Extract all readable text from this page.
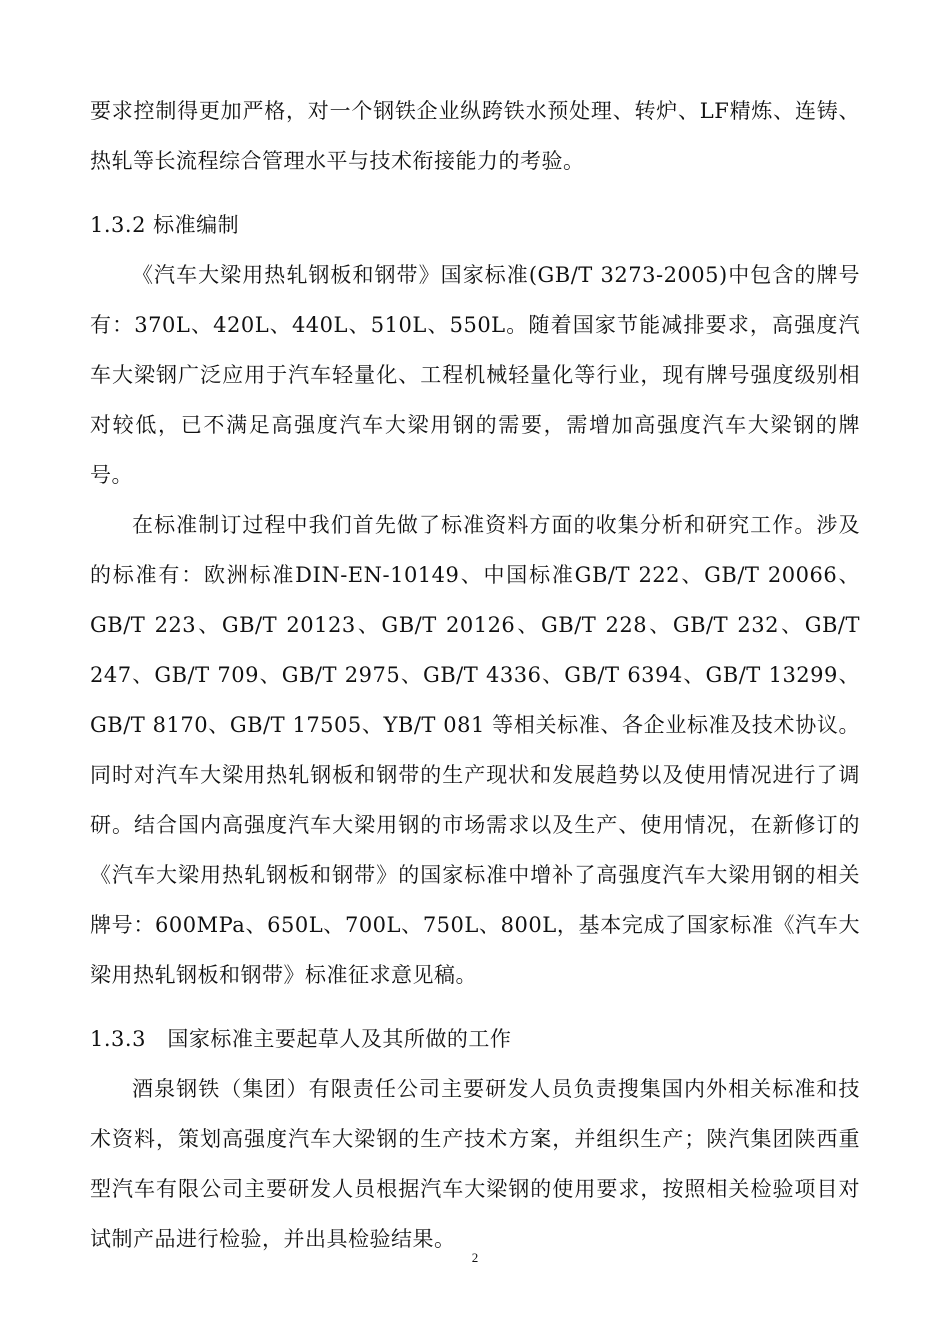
要求控制得更加严格，对一个钢铁企业纵跨铁水预处理、转炉、LF精炼、连铸、热轧等长流程综合管理水平与技术衔接能力的考验。

1.3.2 标准编制

《汽车大梁用热轧钢板和钢带》国家标准(GB/T 3273-2005)中包含的牌号有：370L、420L、440L、510L、550L。随着国家节能减排要求，高强度汽车大梁钢广泛应用于汽车轻量化、工程机械轻量化等行业，现有牌号强度级别相对较低，已不满足高强度汽车大梁用钢的需要，需增加高强度汽车大梁钢的牌号。

在标准制订过程中我们首先做了标准资料方面的收集分析和研究工作。涉及的标准有：欧洲标准DIN-EN-10149、中国标准GB/T 222、GB/T 20066、GB/T 223、GB/T 20123、GB/T 20126、GB/T 228、GB/T 232、GB/T 247、GB/T 709、GB/T 2975、GB/T 4336、GB/T 6394、GB/T 13299、GB/T 8170、GB/T 17505、YB/T 081 等相关标准、各企业标准及技术协议。同时对汽车大梁用热轧钢板和钢带的生产现状和发展趋势以及使用情况进行了调研。结合国内高强度汽车大梁用钢的市场需求以及生产、使用情况，在新修订的《汽车大梁用热轧钢板和钢带》的国家标准中增补了高强度汽车大梁用钢的相关牌号：600MPa、650L、700L、750L、800L，基本完成了国家标准《汽车大梁用热轧钢板和钢带》标准征求意见稿。

1.3.3　国家标准主要起草人及其所做的工作

酒泉钢铁（集团）有限责任公司主要研发人员负责搜集国内外相关标准和技术资料，策划高强度汽车大梁钢的生产技术方案，并组织生产；陕汽集团陕西重型汽车有限公司主要研发人员根据汽车大梁钢的使用要求，按照相关检验项目对试制产品进行检验，并出具检验结果。

2
